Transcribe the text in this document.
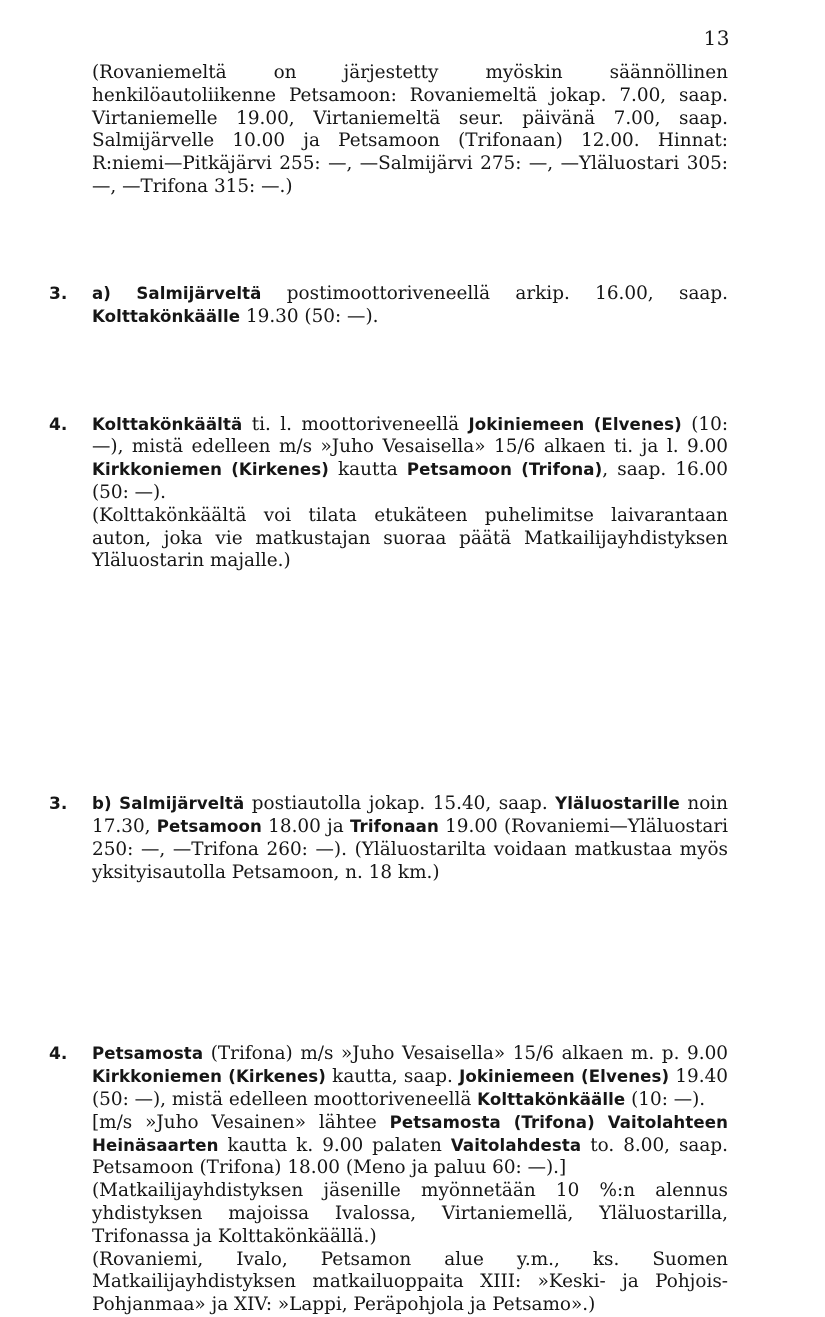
13

(Rovaniemeltä on järjestetty myöskin säännöllinen henkilöautoliikenne Petsamoon: Rovaniemeltä jokap. 7.00, saap. Virtaniemelle 19.00, Virtaniemeltä seur. päivänä 7.00, saap. Salmijärvelle 10.00 ja Petsamoon (Trifonaan) 12.00. Hinnat: R:niemi—Pitkäjärvi 255: —, —Salmijärvi 275: —, —Yläluostari 305: —, —Trifona 315: —.)

3. a) Salmijärveltä postimoottoriveneellä arkip. 16.00, saap. Kolttakönkäälle 19.30 (50: —).

4. Kolttakönkäältä ti. l. moottoriveneellä Jokiniemeen (Elvenes) (10: —), mistä edelleen m/s »Juho Vesaisella» 15/6 alkaen ti. ja l. 9.00 Kirkkoniemen (Kirkenes) kautta Petsamoon (Trifona), saap. 16.00 (50: —).

(Kolttakönkäältä voi tilata etukäteen puhelimitse laivarantaan auton, joka vie matkustajan suoraa päätä Matkailijayhdistyksen Yläluostarin majalle.)

3. b) Salmijärveltä postiautolla jokap. 15.40, saap. Yläluostarille noin 17.30, Petsamoon 18.00 ja Trifonaan 19.00 (Rovaniemi—Yläluostari 250: —, —Trifona 260: —). (Yläluostarilta voidaan matkustaa myös yksityisautolla Petsamoon, n. 18 km.)

4. Petsamosta (Trifona) m/s »Juho Vesaisella» 15/6 alkaen m. p. 9.00 Kirkkoniemen (Kirkenes) kautta, saap. Jokiniemeen (Elvenes) 19.40 (50: —), mistä edelleen moottoriveneellä Kolttakönkäälle (10: —).

[m/s »Juho Vesainen» lähtee Petsamosta (Trifona) Vaitolahteen Heinäsaarten kautta k. 9.00 palaten Vaitolahdesta to. 8.00, saap. Petsamoon (Trifona) 18.00 (Meno ja paluu 60: —).]

(Matkailijayhdistyksen jäsenille myönnetään 10 %:n alennus yhdistyksen majoissa Ivalossa, Virtaniemellä, Yläluostarilla, Trifonassa ja Kolttakönkäällä.)

(Rovaniemi, Ivalo, Petsamon alue y.m., ks. Suomen Matkailijayhdistyksen matkailuoppaita XIII: »Keski- ja Pohjois-Pohjanmaa» ja XIV: »Lappi, Peräpohjola ja Petsamo».)
